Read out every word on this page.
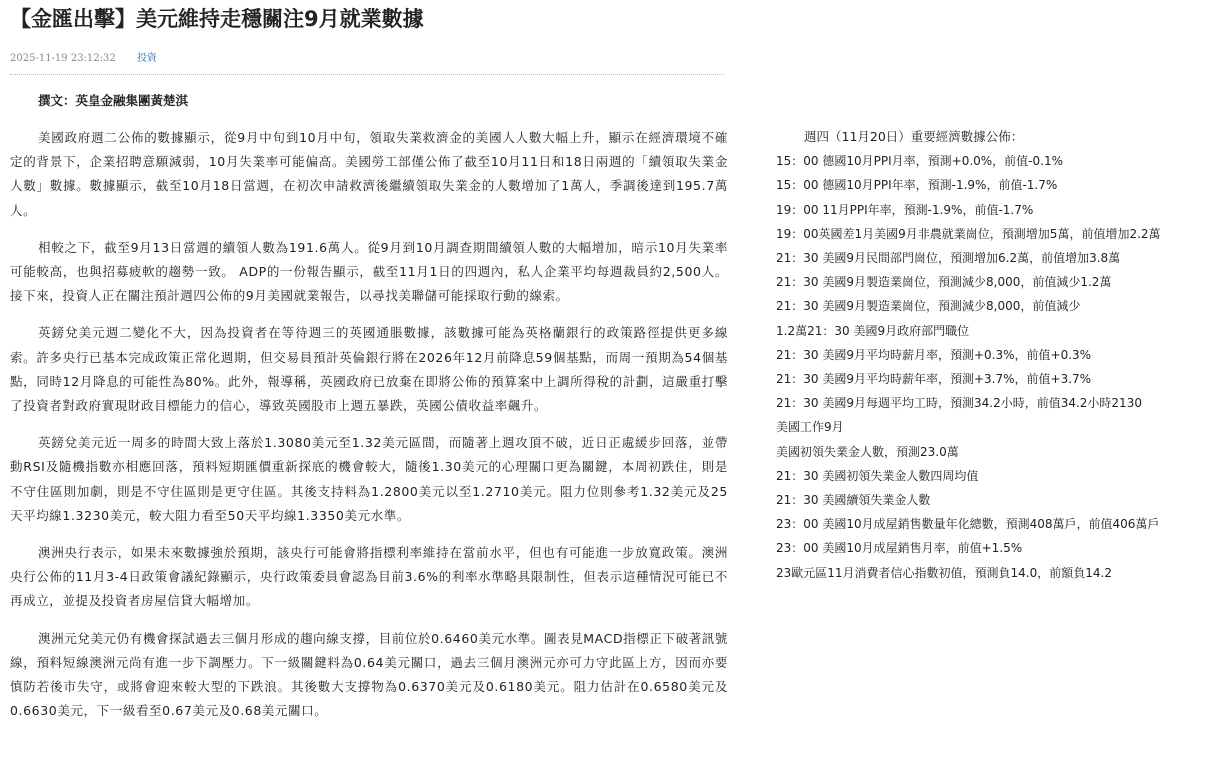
【金匯出擊】美元維持走穩關注9月就業數據
2025-11-19 23:12:32 投資
撰文：英皇金融集團黃楚淇

美國政府週二公佈的數據顯示，從9月中旬到10月中旬，領取失業救濟金的美國人人數大幅上升，顯示在經濟環境不確定的背景下，企業招聘意願減弱，10月失業率可能偏高。美國勞工部僅公佈了截至10月11日和18日兩週的「續領取失業金人數」數據。數據顯示，截至10月18日當週，在初次申請救濟後繼續領取失業金的人數增加了1萬人，季調後達到195.7萬人。

相較之下，截至9月13日當週的續領人數為191.6萬人。從9月到10月調查期間續領人數的大幅增加，暗示10月失業率可能較高，也與招募疲軟的趨勢一致。 ADP的一份報告顯示，截至11月1日的四週內，私人企業平均每週裁員約2,500人。接下來，投資人正在關注預計週四公佈的9月美國就業報告，以尋找美聯儲可能採取行動的線索。

英鎊兌美元週二變化不大，因為投資者在等待週三的英國通脹數據，該數據可能為英格蘭銀行的政策路徑提供更多線索。許多央行已基本完成政策正常化週期，但交易員預計英倫銀行將在2026年12月前降息59個基點，而周一預期為54個基點，同時12月降息的可能性為80%。此外，報導稱，英國政府已放棄在即將公佈的預算案中上調所得稅的計劃，這嚴重打擊了投資者對政府實現財政目標能力的信心，導致英國股市上週五暴跌，英國公債收益率飆升。

英鎊兌美元近一周多的時間大致上落於1.3080美元至1.32美元區間，而隨著上週攻頂不破，近日正處緩步回落，並帶動RSI及隨機指數亦相應回落，預料短期匯價重新探底的機會較大，隨後1.30美元的心理關口更為關鍵，本周初跌住，則是不守住區則加劇，則是不守住區則是更守住區。其後支持料為1.2800美元以至1.2710美元。阻力位則參考1.32美元及25天平均線1.3230美元，較大阻力看至50天平均線1.3350美元水準。

澳洲央行表示，如果未來數據強於預期，該央行可能會將指標利率維持在當前水平，但也有可能進一步放寬政策。澳洲央行公佈的11月3-4日政策會議紀錄顯示，央行政策委員會認為目前3.6%的利率水準略具限制性，但表示這種情況可能已不再成立，並提及投資者房屋信貸大幅增加。

澳洲元兌美元仍有機會探試過去三個月形成的趨向線支撐，目前位於0.6460美元水準。圖表見MACD指標正下破著訊號線，預料短線澳洲元尚有進一步下調壓力。下一級關鍵料為0.64美元關口，過去三個月澳洲元亦可力守此區上方，因而亦要慎防若後市失守，或將會迎來較大型的下跌浪。其後數大支撐物為0.6370美元及0.6180美元。阻力估計在0.6580美元及0.6630美元，下一級看至0.67美元及0.68美元關口。

週四（11月20日）重要經濟數據公佈：
15：00 德國10月PPI月率，預測+0.0%，前值-0.1%
15：00 德國10月PPI年率，預測-1.9%，前值-1.7%
19：00 11月PPI年率，預測-1.9%，前值-1.7%
19：00英國差1月美國9月非農就業崗位，預測增加5萬，前值增加2.2萬
21：30 美國9月民間部門崗位，預測增加6.2萬，前值增加3.8萬
21：30 美國9月製造業崗位，預測減少8,000，前值減少1.2萬
21：30 美國9月製造業崗位，預測減少8,000，前值減少
1.2萬21：30 美國9月政府部門職位
21：30 美國9月平均時薪月率，預測+0.3%，前值+0.3%
21：30 美國9月平均時薪年率，預測+3.7%，前值+3.7%
21：30 美國9月每週平均工時，預測34.2小時，前值34.2小時2130
美國工作9月
美國初領失業金人數，預測23.0萬
21：30 美國初領失業金人數四周均值
21：30 美國續領失業金人數
23：00 美國10月成屋銷售數量年化總數，預測408萬戶，前值406萬戶
23：00 美國10月成屋銷售月率，前值+1.5%
23歐元區11月消費者信心指數初值，預測負14.0，前額負14.2
